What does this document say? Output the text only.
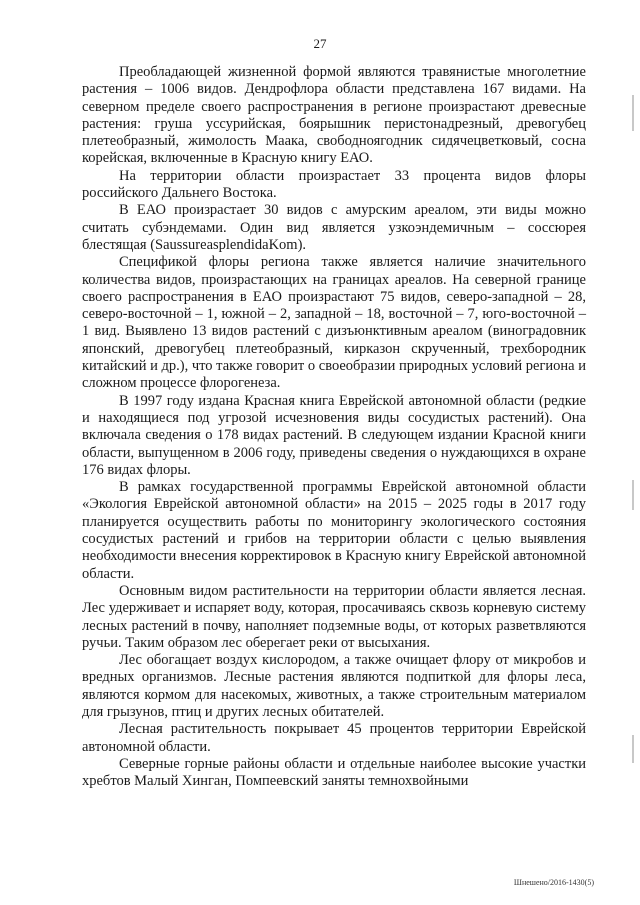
27

Преобладающей жизненной формой являются травянистые многолетние растения – 1006 видов. Дендрофлора области представлена 167 видами. На северном пределе своего распространения в регионе произрастают древесные растения: груша уссурийская, боярышник перистонадрезный, древогубец плетеобразный, жимолость Маака, свободноягодник сидячецветковый, сосна корейская, включенные в Красную книгу ЕАО.

На территории области произрастает 33 процента видов флоры российского Дальнего Востока.

В ЕАО произрастает 30 видов с амурским ареалом, эти виды можно считать субэндемами. Один вид является узкоэндемичным – соссюрея блестящая (SaussureasplendidaKom).

Спецификой флоры региона также является наличие значительного количества видов, произрастающих на границах ареалов. На северной границе своего распространения в ЕАО произрастают 75 видов, северо-западной – 28, северо-восточной – 1, южной – 2, западной – 18, восточной – 7, юго-восточной – 1 вид. Выявлено 13 видов растений с дизъюнктивным ареалом (виноградовник японский, древогубец плетеобразный, кирказон скрученный, трехбородник китайский и др.), что также говорит о своеобразии природных условий региона и сложном процессе флорогенеза.

В 1997 году издана Красная книга Еврейской автономной области (редкие и находящиеся под угрозой исчезновения виды сосудистых растений). Она включала сведения о 178 видах растений. В следующем издании Красной книги области, выпущенном в 2006 году, приведены сведения о нуждающихся в охране 176 видах флоры.

В рамках государственной программы Еврейской автономной области «Экология Еврейской автономной области» на 2015 – 2025 годы в 2017 году планируется осуществить работы по мониторингу экологического состояния сосудистых растений и грибов на территории области с целью выявления необходимости внесения корректировок в Красную книгу Еврейской автономной области.

Основным видом растительности на территории области является лесная. Лес удерживает и испаряет воду, которая, просачиваясь сквозь корневую систему лесных растений в почву, наполняет подземные воды, от которых разветвляются ручьи. Таким образом лес оберегает реки от высыхания.

Лес обогащает воздух кислородом, а также очищает флору от микробов и вредных организмов. Лесные растения являются подпиткой для флоры леса, являются кормом для насекомых, животных, а также строительным материалом для грызунов, птиц и других лесных обитателей.

Лесная растительность покрывает 45 процентов территории Еврейской автономной области.

Северные горные районы области и отдельные наиболее высокие участки хребтов Малый Хинган, Помпеевский заняты темнохвойными

Шнешено/2016-1430(5)
